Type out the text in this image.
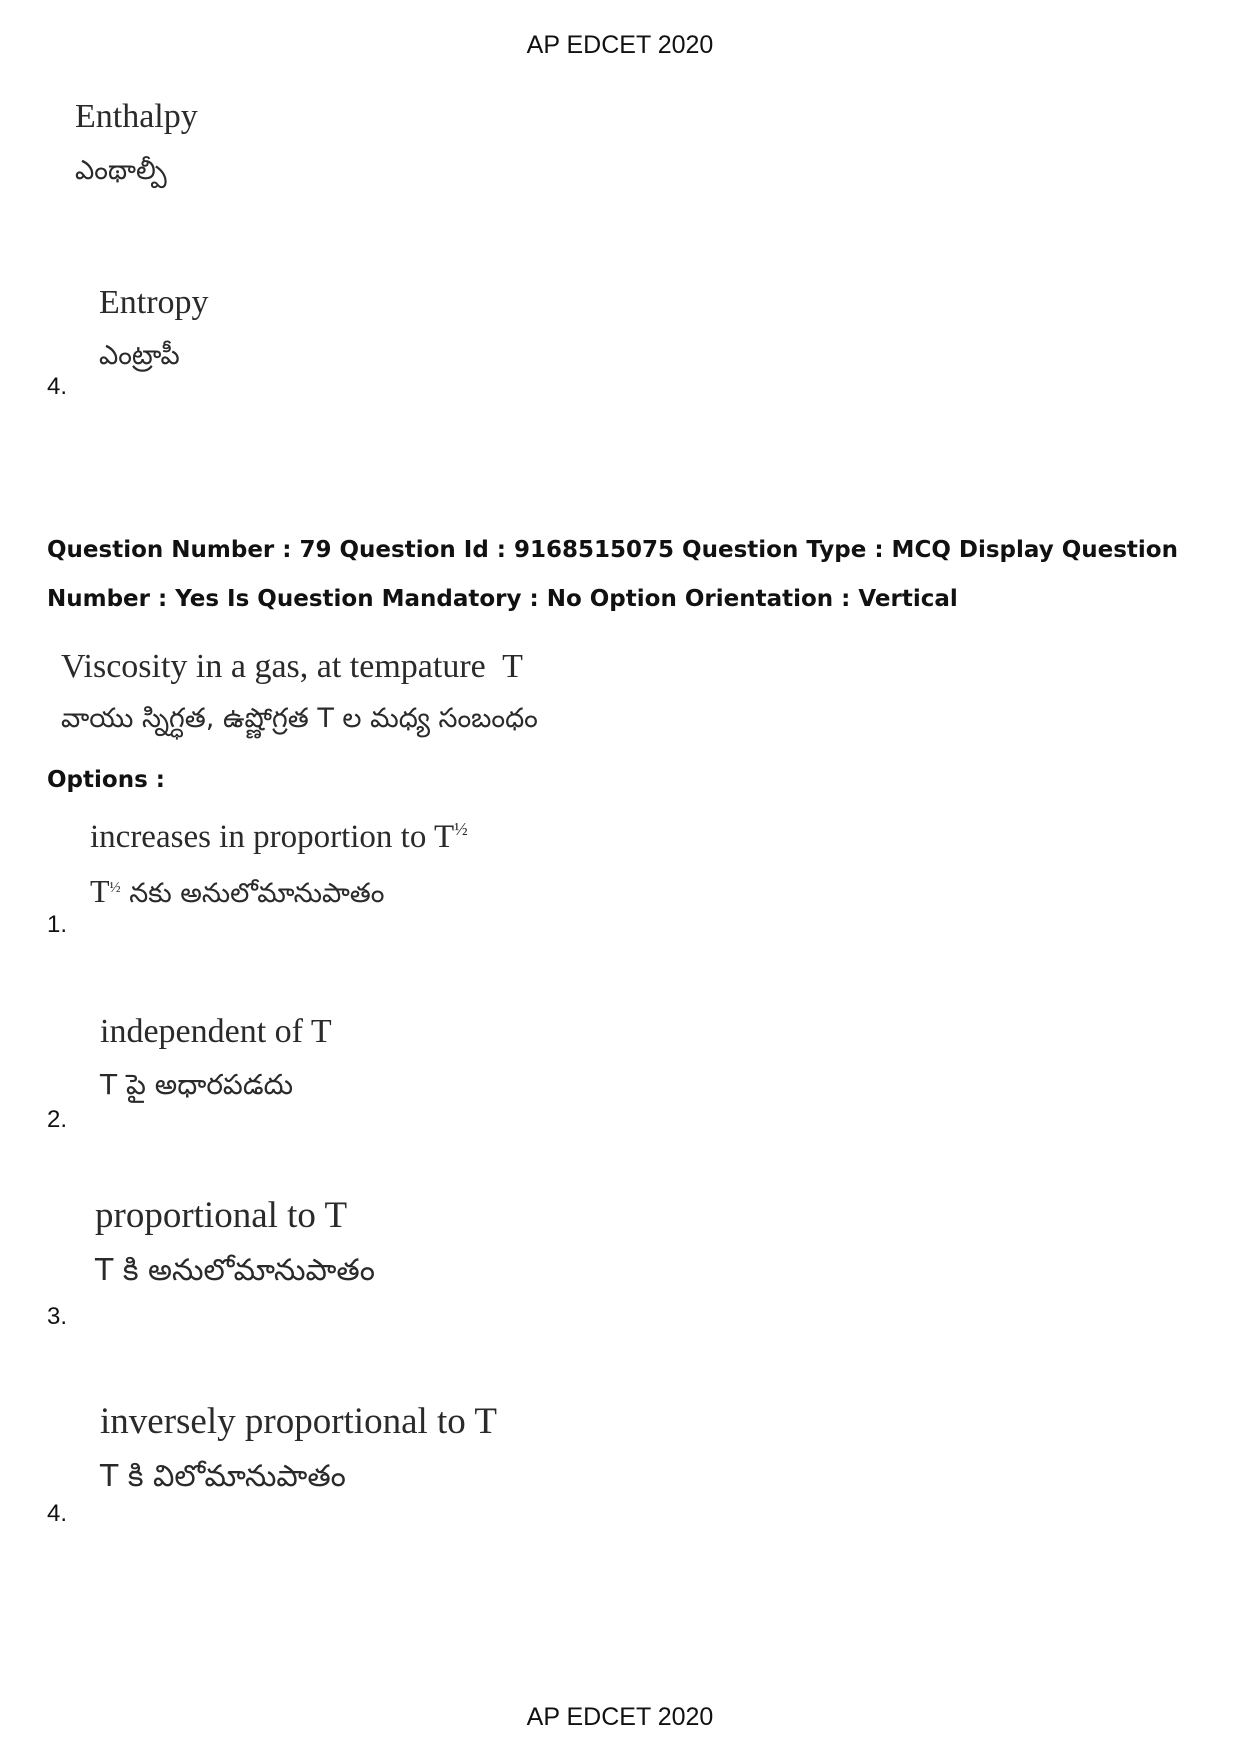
AP EDCET 2020
Enthalpy
ఎంథాల్పీ
Entropy
ఎంట్రాపీ
4.
Question Number : 79 Question Id : 9168515075 Question Type : MCQ Display Question
Number : Yes Is Question Mandatory : No Option Orientation : Vertical
Viscosity in a gas, at tempature  T
వాయు స్నిగ్ధత, ఉష్ణోగ్రత T ల మధ్య సంబంధం
Options :
increases in proportion to $T^{\frac{1}{2}}$
$T^{\frac{1}{2}}$ నకు అనులోమానుపాతం
1.
independent of T
T పై అధారపడదు
2.
proportional to T
T కి అనులోమానుపాతం
3.
inversely proportional to T
T కి విలోమానుపాతం
4.
AP EDCET 2020
